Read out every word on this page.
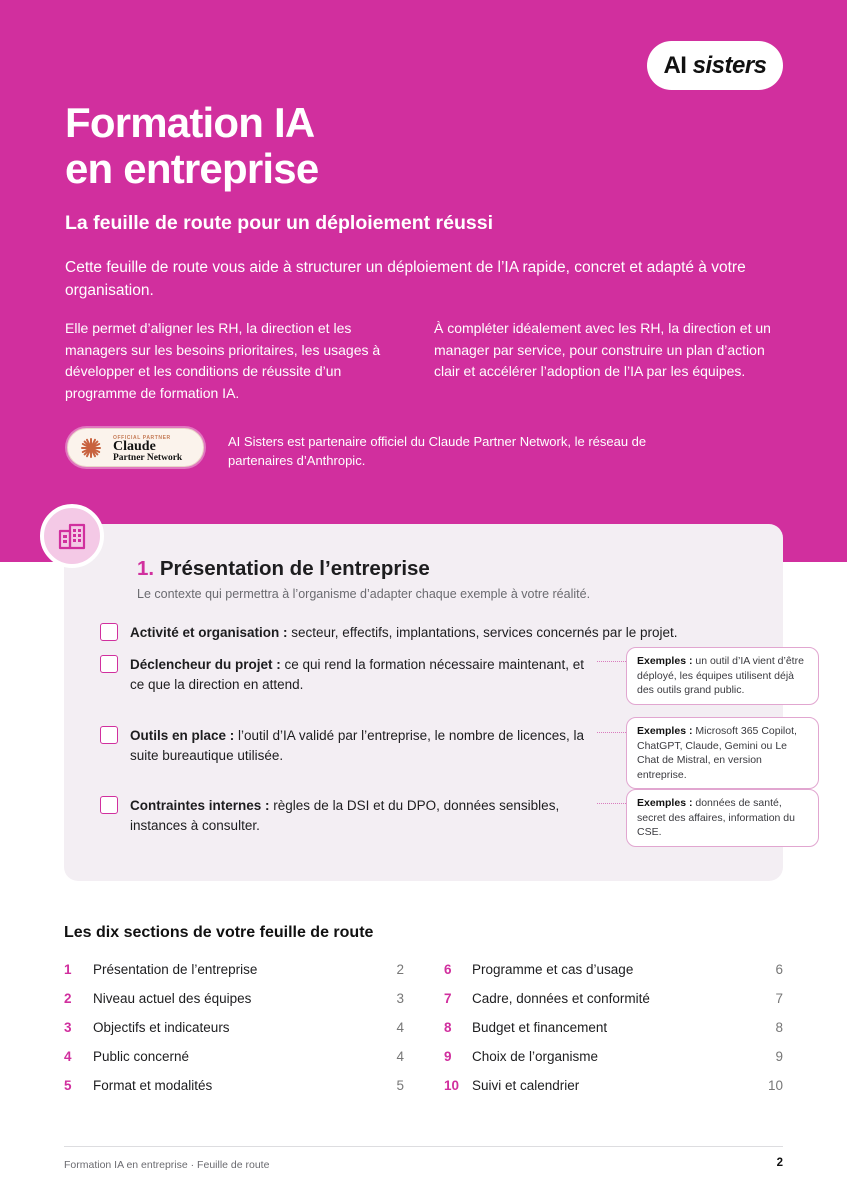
AI sisters
Formation IA
en entreprise
La feuille de route pour un déploiement réussi
Cette feuille de route vous aide à structurer un déploiement de l’IA rapide, concret et adapté à votre organisation.
Elle permet d’aligner les RH, la direction et les managers sur les besoins prioritaires, les usages à développer et les conditions de réussite d’un programme de formation IA.
À compléter idéalement avec les RH, la direction et un manager par service, pour construire un plan d’action clair et accélérer l’adoption de l’IA par les équipes.
OFFICIAL PARTNER
Claude
Partner Network
AI Sisters est partenaire officiel du Claude Partner Network, le réseau de partenaires d’Anthropic.
1. Présentation de l’entreprise
Le contexte qui permettra à l’organisme d’adapter chaque exemple à votre réalité.
Activité et organisation : secteur, effectifs, implantations, services concernés par le projet.
Déclencheur du projet : ce qui rend la formation nécessaire maintenant, et ce que la direction en attend.
Outils en place : l’outil d’IA validé par l’entreprise, le nombre de licences, la suite bureautique utilisée.
Contraintes internes : règles de la DSI et du DPO, données sensibles, instances à consulter.
Exemples : un outil d’IA vient d’être déployé, les équipes utilisent déjà des outils grand public.
Exemples : Microsoft 365 Copilot, ChatGPT, Claude, Gemini ou Le Chat de Mistral, en version entreprise.
Exemples : données de santé, secret des affaires, information du CSE.
Les dix sections de votre feuille de route
1 Présentation de l’entreprise	2
2 Niveau actuel des équipes	3
3 Objectifs et indicateurs	4
4 Public concerné	4
5 Format et modalités	5
6 Programme et cas d’usage	6
7 Cadre, données et conformité	7
8 Budget et financement	8
9 Choix de l’organisme	9
10 Suivi et calendrier	10
Formation IA en entreprise · Feuille de route	2
